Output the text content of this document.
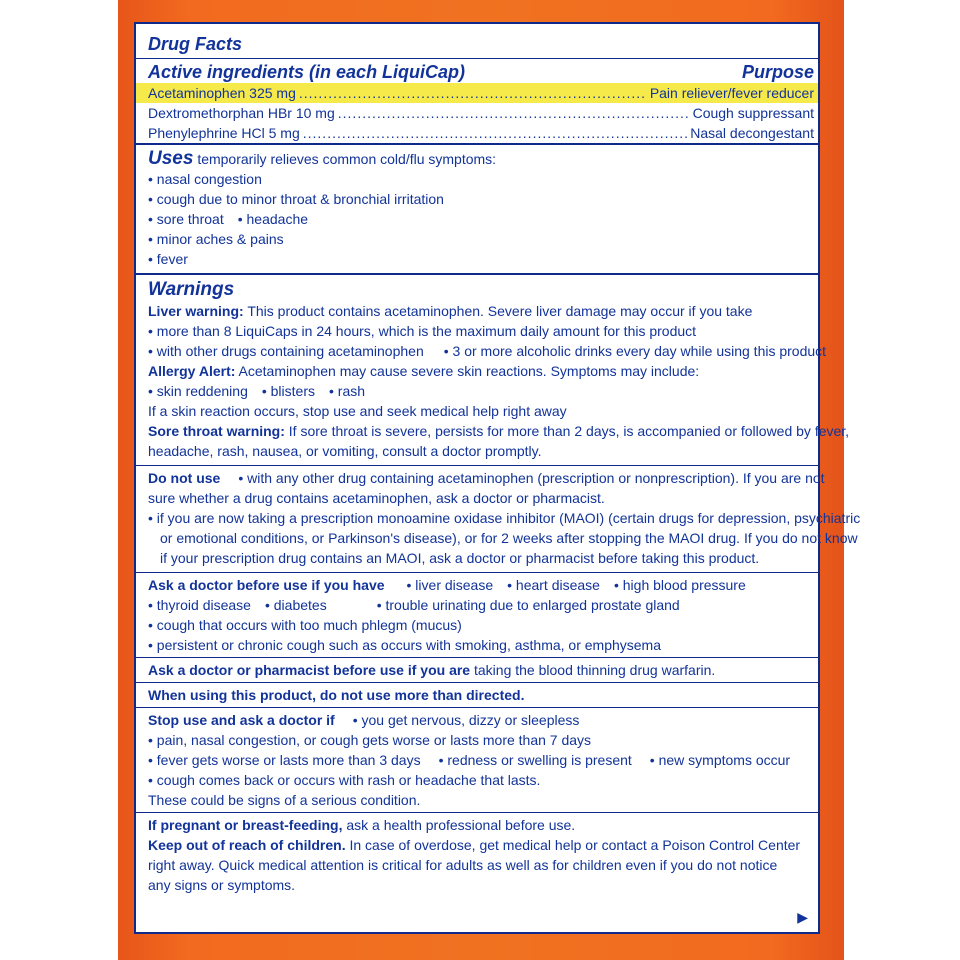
Drug Facts
Active ingredients (in each LiquiCap)	Purpose
Acetaminophen 325 mg .....	Pain reliever/fever reducer
Dextromethorphan HBr 10 mg .....	Cough suppressant
Phenylephrine HCl 5 mg .....	Nasal decongestant
Uses temporarily relieves common cold/flu symptoms:
• nasal congestion
• cough due to minor throat & bronchial irritation
• sore throat • headache
• minor aches & pains
• fever
Warnings
Liver warning: This product contains acetaminophen. Severe liver damage may occur if you take
• more than 8 LiquiCaps in 24 hours, which is the maximum daily amount for this product
• with other drugs containing acetaminophen • 3 or more alcoholic drinks every day while using this product
Allergy Alert: Acetaminophen may cause severe skin reactions. Symptoms may include:
• skin reddening • blisters • rash
If a skin reaction occurs, stop use and seek medical help right away
Sore throat warning: If sore throat is severe, persists for more than 2 days, is accompanied or followed by fever,
headache, rash, nausea, or vomiting, consult a doctor promptly.
Do not use • with any other drug containing acetaminophen (prescription or nonprescription). If you are not
sure whether a drug contains acetaminophen, ask a doctor or pharmacist.
• if you are now taking a prescription monoamine oxidase inhibitor (MAOI) (certain drugs for depression, psychiatric
or emotional conditions, or Parkinson's disease), or for 2 weeks after stopping the MAOI drug. If you do not know
if your prescription drug contains an MAOI, ask a doctor or pharmacist before taking this product.
Ask a doctor before use if you have • liver disease • heart disease • high blood pressure
• thyroid disease • diabetes	• trouble urinating due to enlarged prostate gland
• cough that occurs with too much phlegm (mucus)
• persistent or chronic cough such as occurs with smoking, asthma, or emphysema
Ask a doctor or pharmacist before use if you are taking the blood thinning drug warfarin.
When using this product, do not use more than directed.
Stop use and ask a doctor if • you get nervous, dizzy or sleepless
• pain, nasal congestion, or cough gets worse or lasts more than 7 days
• fever gets worse or lasts more than 3 days • redness or swelling is present • new symptoms occur
• cough comes back or occurs with rash or headache that lasts.
These could be signs of a serious condition.
If pregnant or breast-feeding, ask a health professional before use.
Keep out of reach of children. In case of overdose, get medical help or contact a Poison Control Center
right away. Quick medical attention is critical for adults as well as for children even if you do not notice
any signs or symptoms.
▶
